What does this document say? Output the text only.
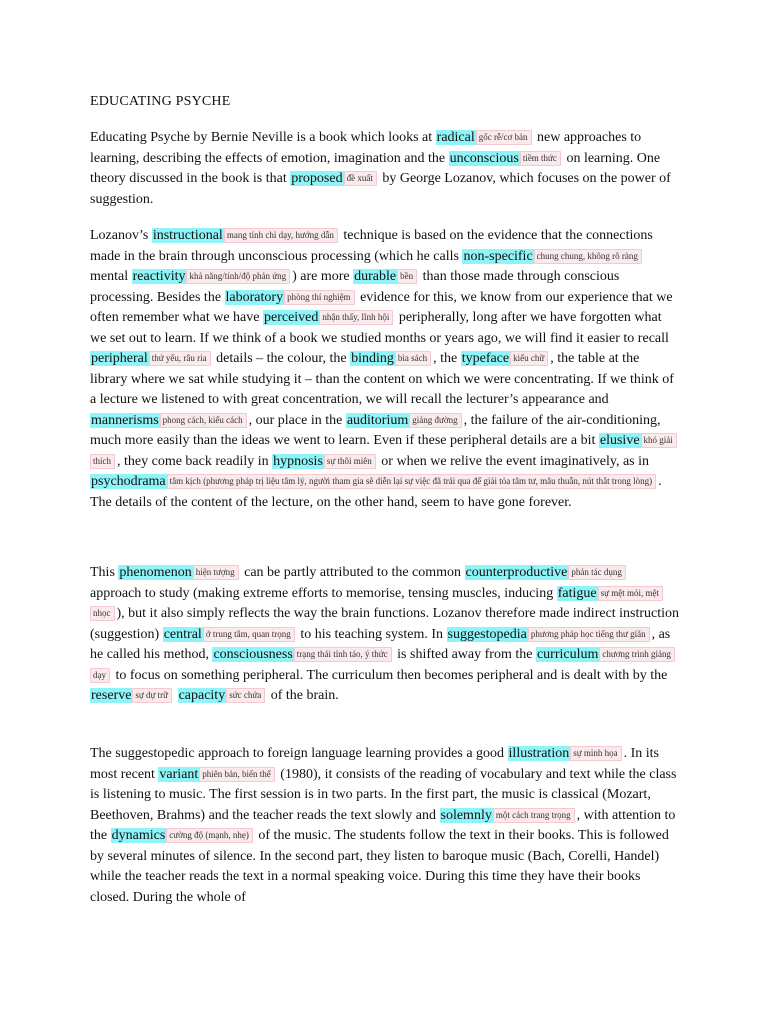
EDUCATING PSYCHE

Educating Psyche by Bernie Neville is a book which looks at radical gốc rễ/cơ bản new approaches to learning, describing the effects of emotion, imagination and the unconscious tiềm thức on learning. One theory discussed in the book is that proposed đề xuất by George Lozanov, which focuses on the power of suggestion.

Lozanov’s instructional mang tính chỉ dạy, hướng dẫn technique is based on the evidence that the connections made in the brain through unconscious processing (which he calls non-specific chung chung, không rõ ràng mental reactivity khả năng/tính/độ phản ứng ) are more durable bền than those made through conscious processing. Besides the laboratory phòng thí nghiệm evidence for this, we know from our experience that we often remember what we have perceived nhận thấy, lĩnh hội peripherally, long after we have forgotten what we set out to learn. If we think of a book we studied months or years ago, we will find it easier to recall peripheral thứ yếu, râu ria details – the colour, the binding bìa sách , the typeface kiểu chữ , the table at the library where we sat while studying it – than the content on which we were concentrating. If we think of a lecture we listened to with great concentration, we will recall the lecturer’s appearance and mannerisms phong cách, kiểu cách , our place in the auditorium giảng đường , the failure of the air-conditioning, much more easily than the ideas we went to learn. Even if these peripheral details are a bit elusive khó giải thích , they come back readily in hypnosis sự thôi miên or when we relive the event imaginatively, as in psychodrama tâm kịch (phương pháp trị liệu tâm lý, người tham gia sẽ diễn lại sự việc đã trải qua để giải tỏa tâm tư, mâu thuẫn, nút thắt trong lòng) . The details of the content of the lecture, on the other hand, seem to have gone forever.

This phenomenon hiện tượng can be partly attributed to the common counterproductive phản tác dụng approach to study (making extreme efforts to memorise, tensing muscles, inducing fatigue sự mệt mỏi, mệt nhọc ), but it also simply reflects the way the brain functions. Lozanov therefore made indirect instruction (suggestion) central ở trung tâm, quan trọng to his teaching system. In suggestopedia phương pháp học tiếng thư giãn , as he called his method, consciousness trạng thái tỉnh táo, ý thức is shifted away from the curriculum chương trình giảng dạy to focus on something peripheral. The curriculum then becomes peripheral and is dealt with by the reserve sự dự trữ capacity sức chứa of the brain.

The suggestopedic approach to foreign language learning provides a good illustration sự minh họa . In its most recent variant phiên bản, biến thể (1980), it consists of the reading of vocabulary and text while the class is listening to music. The first session is in two parts. In the first part, the music is classical (Mozart, Beethoven, Brahms) and the teacher reads the text slowly and solemnly một cách trang trọng , with attention to the dynamics cường độ (mạnh, nhẹ) of the music. The students follow the text in their books. This is followed by several minutes of silence. In the second part, they listen to baroque music (Bach, Corelli, Handel) while the teacher reads the text in a normal speaking voice. During this time they have their books closed. During the whole of
